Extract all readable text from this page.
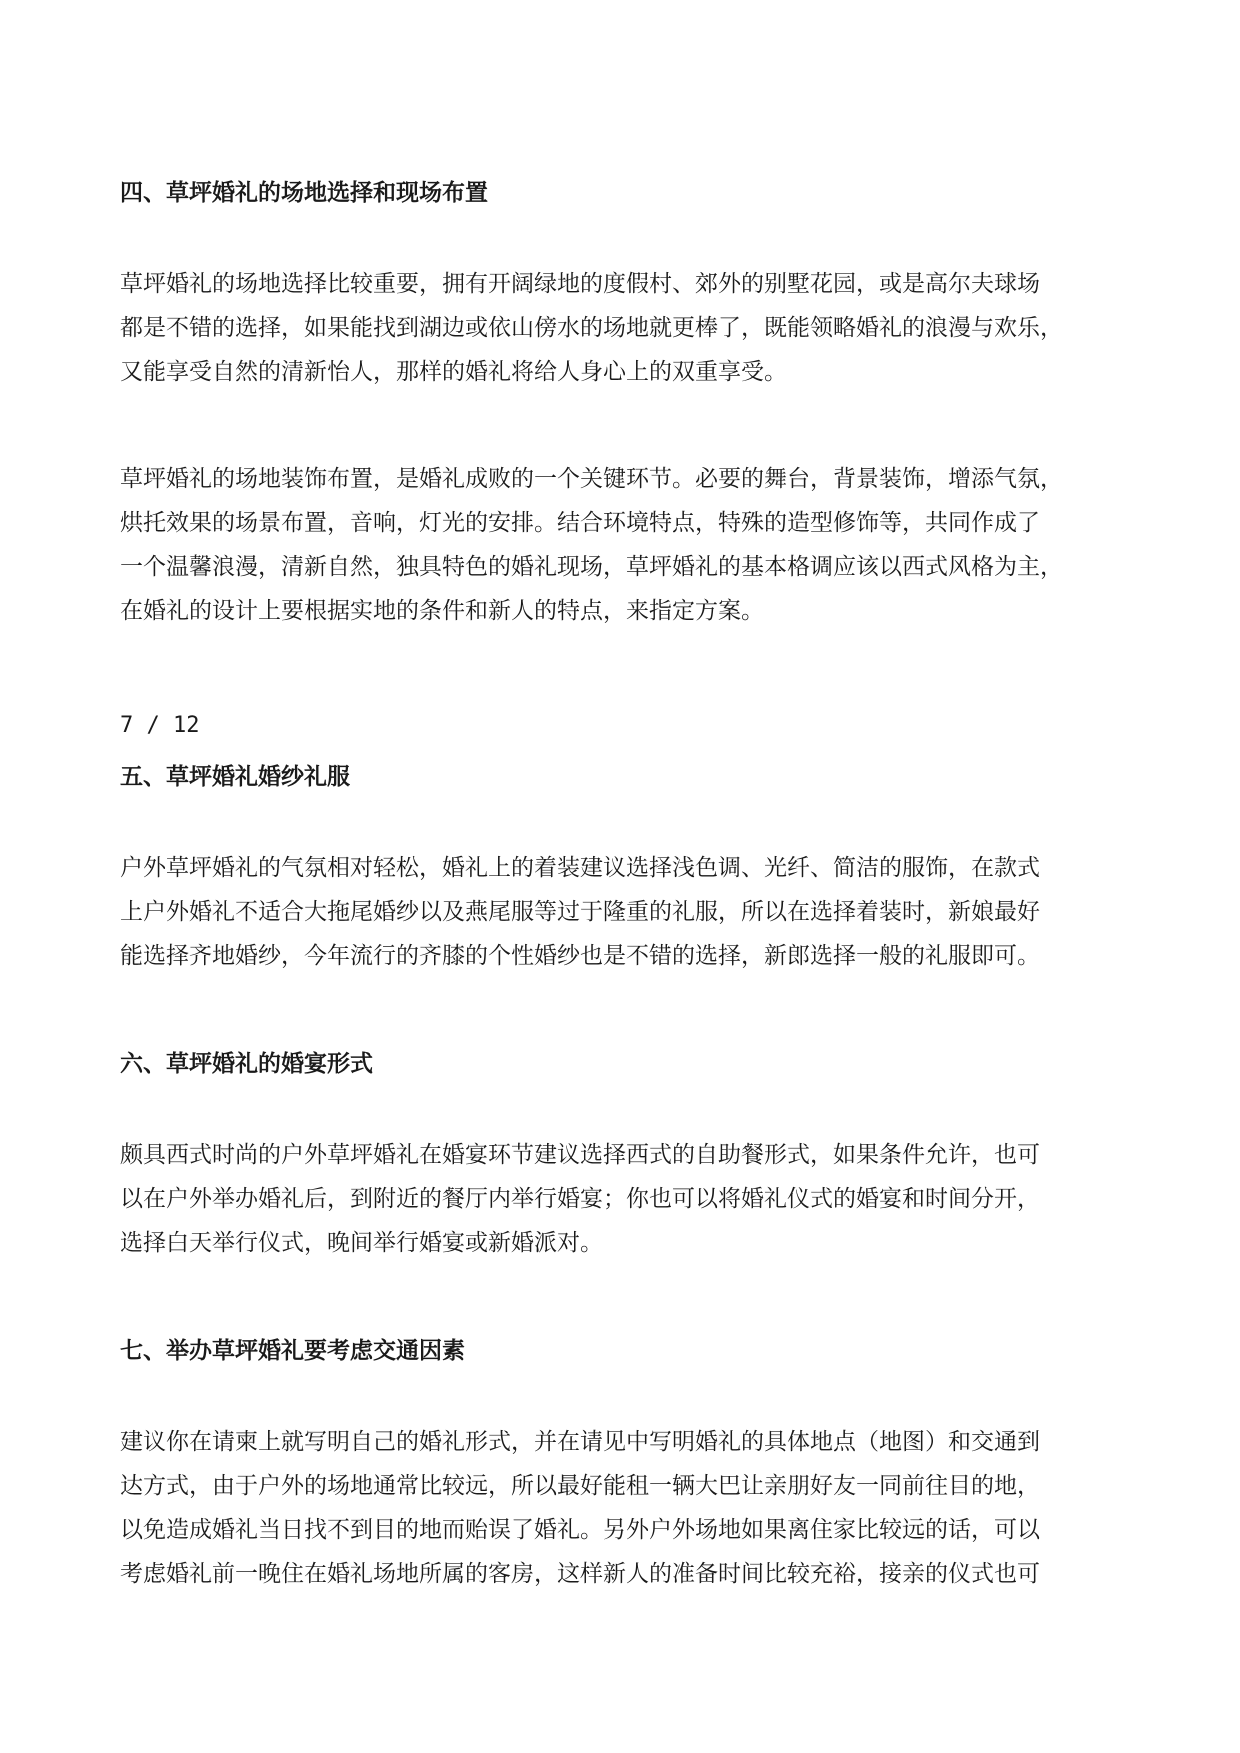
四、草坪婚礼的场地选择和现场布置

草坪婚礼的场地选择比较重要，拥有开阔绿地的度假村、郊外的别墅花园，或是高尔夫球场
都是不错的选择，如果能找到湖边或依山傍水的场地就更棒了，既能领略婚礼的浪漫与欢乐，
又能享受自然的清新怡人，那样的婚礼将给人身心上的双重享受。

草坪婚礼的场地装饰布置，是婚礼成败的一个关键环节。必要的舞台，背景装饰，增添气氛，
烘托效果的场景布置，音响，灯光的安排。结合环境特点，特殊的造型修饰等，共同作成了
一个温馨浪漫，清新自然，独具特色的婚礼现场，草坪婚礼的基本格调应该以西式风格为主，
在婚礼的设计上要根据实地的条件和新人的特点，来指定方案。

7 / 12
五、草坪婚礼婚纱礼服

户外草坪婚礼的气氛相对轻松，婚礼上的着装建议选择浅色调、光纤、简洁的服饰，在款式
上户外婚礼不适合大拖尾婚纱以及燕尾服等过于隆重的礼服，所以在选择着装时，新娘最好
能选择齐地婚纱，今年流行的齐膝的个性婚纱也是不错的选择，新郎选择一般的礼服即可。

六、草坪婚礼的婚宴形式

颇具西式时尚的户外草坪婚礼在婚宴环节建议选择西式的自助餐形式，如果条件允许，也可
以在户外举办婚礼后，到附近的餐厅内举行婚宴；你也可以将婚礼仪式的婚宴和时间分开，
选择白天举行仪式，晚间举行婚宴或新婚派对。

七、举办草坪婚礼要考虑交通因素

建议你在请柬上就写明自己的婚礼形式，并在请见中写明婚礼的具体地点（地图）和交通到
达方式，由于户外的场地通常比较远，所以最好能租一辆大巴让亲朋好友一同前往目的地，
以免造成婚礼当日找不到目的地而贻误了婚礼。另外户外场地如果离住家比较远的话，可以
考虑婚礼前一晚住在婚礼场地所属的客房，这样新人的准备时间比较充裕，接亲的仪式也可
